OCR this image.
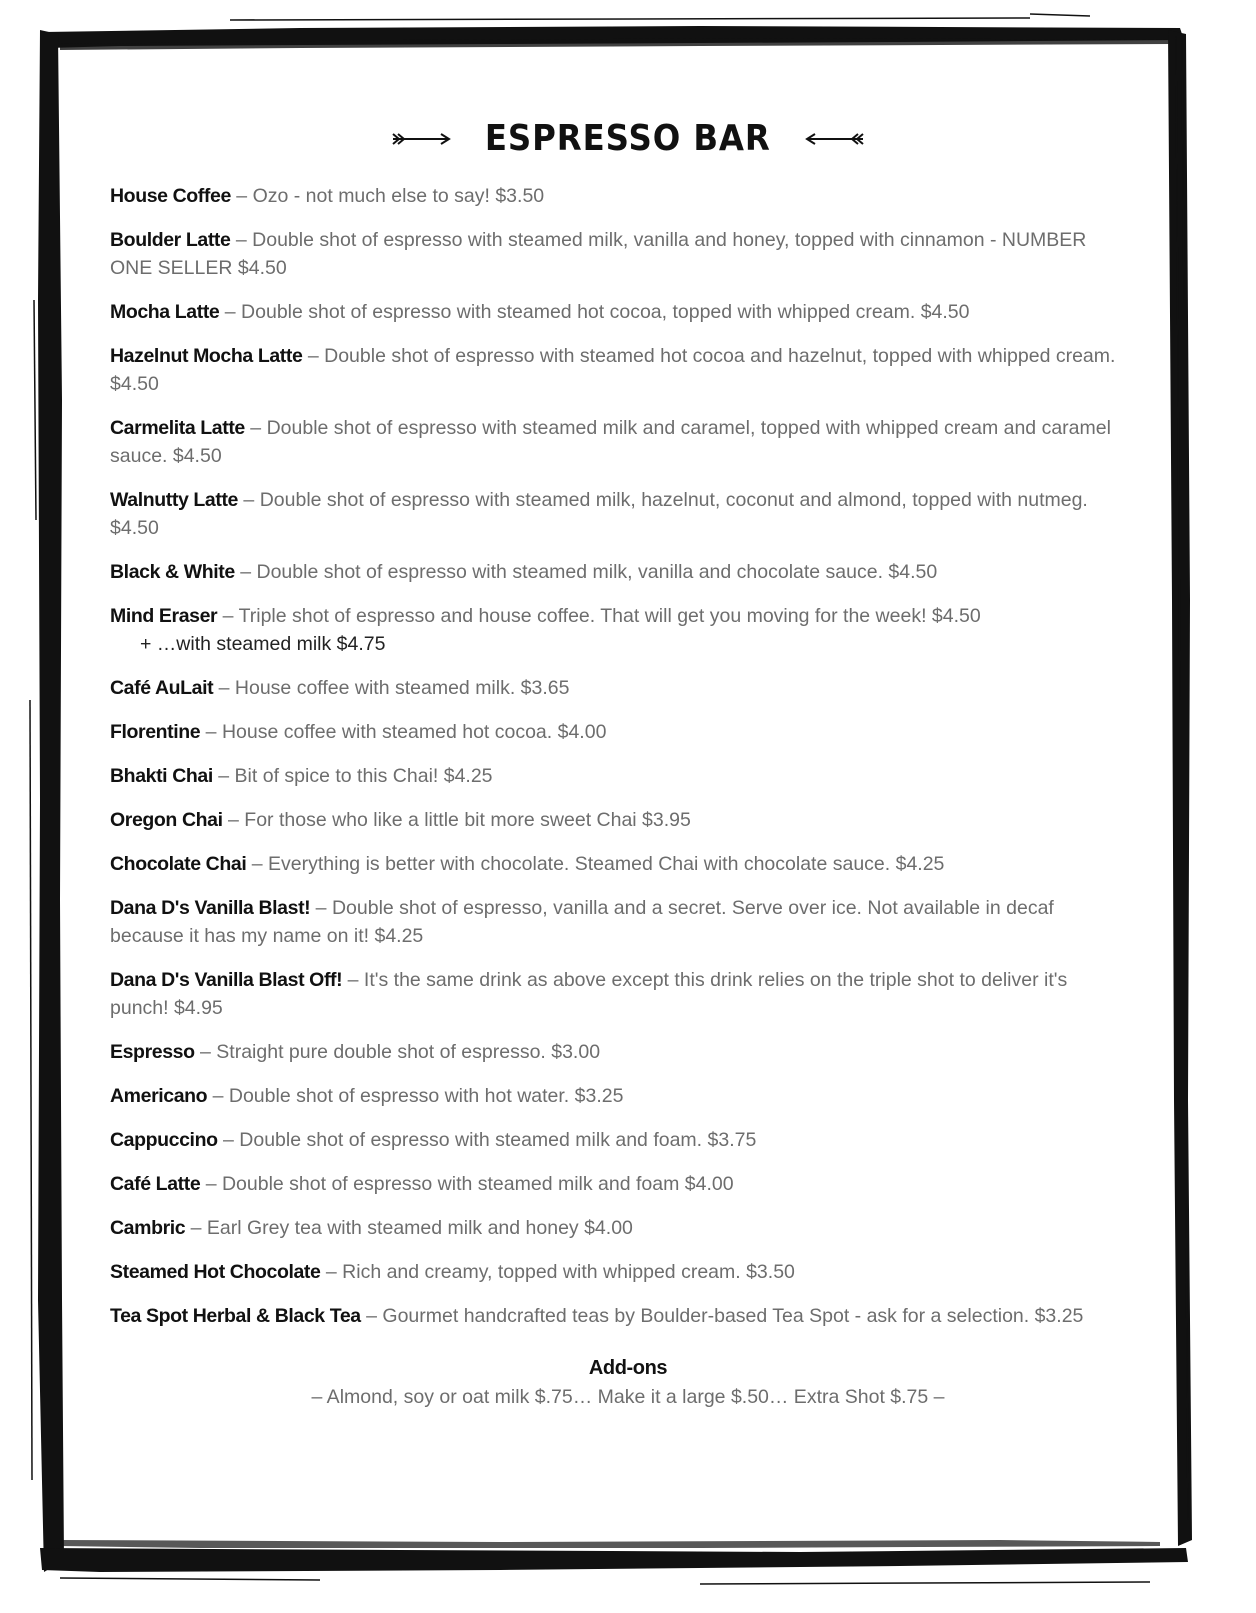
ESPRESSO BAR
House Coffee – Ozo - not much else to say! $3.50
Boulder Latte – Double shot of espresso with steamed milk, vanilla and honey, topped with cinnamon - NUMBER ONE SELLER $4.50
Mocha Latte – Double shot of espresso with steamed hot cocoa, topped with whipped cream. $4.50
Hazelnut Mocha Latte – Double shot of espresso with steamed hot cocoa and hazelnut, topped with whipped cream. $4.50
Carmelita Latte – Double shot of espresso with steamed milk and caramel, topped with whipped cream and caramel sauce. $4.50
Walnutty Latte – Double shot of espresso with steamed milk, hazelnut, coconut and almond, topped with nutmeg. $4.50
Black & White – Double shot of espresso with steamed milk, vanilla and chocolate sauce. $4.50
Mind Eraser – Triple shot of espresso and house coffee. That will get you moving for the week! $4.50
+ …with steamed milk $4.75
Café AuLait – House coffee with steamed milk. $3.65
Florentine – House coffee with steamed hot cocoa. $4.00
Bhakti Chai – Bit of spice to this Chai! $4.25
Oregon Chai – For those who like a little bit more sweet Chai $3.95
Chocolate Chai – Everything is better with chocolate. Steamed Chai with chocolate sauce. $4.25
Dana D's Vanilla Blast! – Double shot of espresso, vanilla and a secret. Serve over ice. Not available in decaf because it has my name on it! $4.25
Dana D's Vanilla Blast Off! – It's the same drink as above except this drink relies on the triple shot to deliver it's punch! $4.95
Espresso – Straight pure double shot of espresso. $3.00
Americano – Double shot of espresso with hot water. $3.25
Cappuccino – Double shot of espresso with steamed milk and foam. $3.75
Café Latte – Double shot of espresso with steamed milk and foam $4.00
Cambric – Earl Grey tea with steamed milk and honey $4.00
Steamed Hot Chocolate – Rich and creamy, topped with whipped cream. $3.50
Tea Spot Herbal & Black Tea – Gourmet handcrafted teas by Boulder-based Tea Spot - ask for a selection. $3.25
Add-ons
– Almond, soy or oat milk $.75… Make it a large $.50… Extra Shot $.75 –
